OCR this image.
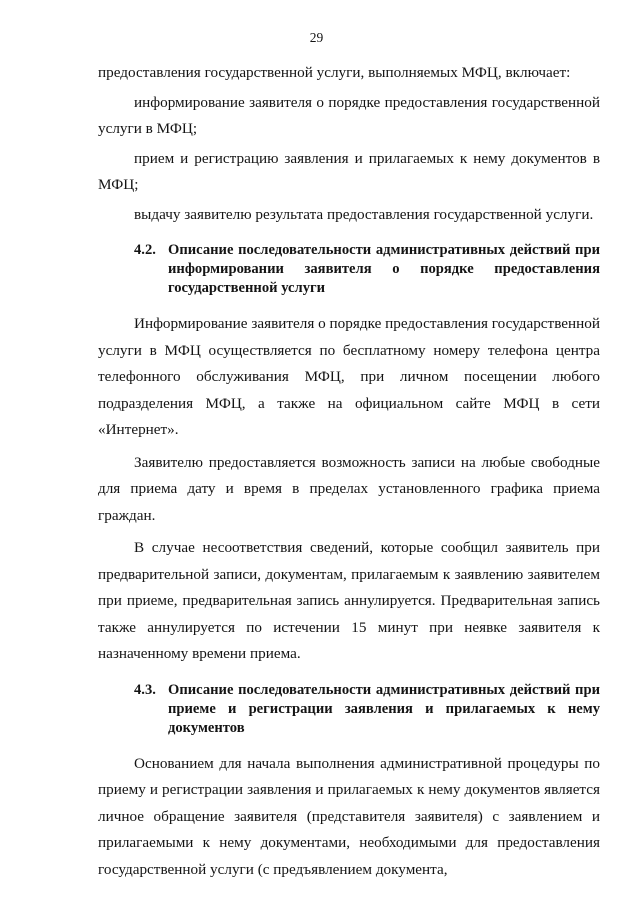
29

предоставления государственной услуги, выполняемых МФЦ, включает:

информирование заявителя о порядке предоставления государственной услуги в МФЦ;

прием и регистрацию заявления и прилагаемых к нему документов в МФЦ;

выдачу заявителю результата предоставления государственной услуги.

4.2. Описание последовательности административных действий при информировании заявителя о порядке предоставления государственной услуги

Информирование заявителя о порядке предоставления государственной услуги в МФЦ осуществляется по бесплатному номеру телефона центра телефонного обслуживания МФЦ, при личном посещении любого подразделения МФЦ, а также на официальном сайте МФЦ в сети «Интернет».

Заявителю предоставляется возможность записи на любые свободные для приема дату и время в пределах установленного графика приема граждан.

В случае несоответствия сведений, которые сообщил заявитель при предварительной записи, документам, прилагаемым к заявлению заявителем при приеме, предварительная запись аннулируется. Предварительная запись также аннулируется по истечении 15 минут при неявке заявителя к назначенному времени приема.

4.3. Описание последовательности административных действий при приеме и регистрации заявления и прилагаемых к нему документов

Основанием для начала выполнения административной процедуры по приему и регистрации заявления и прилагаемых к нему документов является личное обращение заявителя (представителя заявителя) с заявлением и прилагаемыми к нему документами, необходимыми для предоставления государственной услуги (с предъявлением документа,
